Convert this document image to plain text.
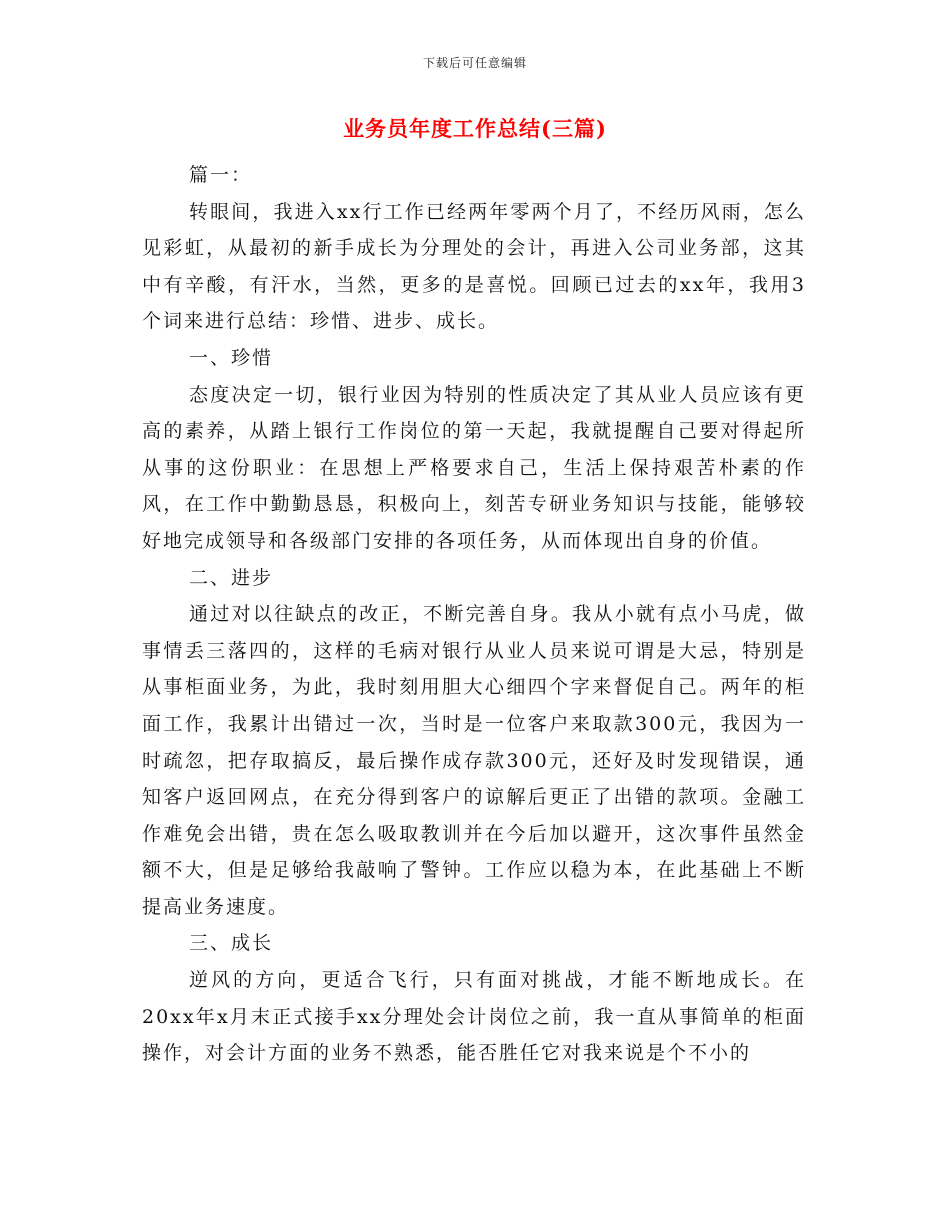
下载后可任意编辑
业务员年度工作总结(三篇)

篇一：

转眼间，我进入xx行工作已经两年零两个月了，不经历风雨，怎么见彩虹，从最初的新手成长为分理处的会计，再进入公司业务部，这其中有辛酸，有汗水，当然，更多的是喜悦。回顾已过去的xx年，我用3个词来进行总结：珍惜、进步、成长。

一、珍惜

态度决定一切，银行业因为特别的性质决定了其从业人员应该有更高的素养，从踏上银行工作岗位的第一天起，我就提醒自己要对得起所从事的这份职业：在思想上严格要求自己，生活上保持艰苦朴素的作风，在工作中勤勤恳恳，积极向上，刻苦专研业务知识与技能，能够较好地完成领导和各级部门安排的各项任务，从而体现出自身的价值。

二、进步

通过对以往缺点的改正，不断完善自身。我从小就有点小马虎，做事情丢三落四的，这样的毛病对银行从业人员来说可谓是大忌，特别是从事柜面业务，为此，我时刻用胆大心细四个字来督促自己。两年的柜面工作，我累计出错过一次，当时是一位客户来取款300元，我因为一时疏忽，把存取搞反，最后操作成存款300元，还好及时发现错误，通知客户返回网点，在充分得到客户的谅解后更正了出错的款项。金融工作难免会出错，贵在怎么吸取教训并在今后加以避开，这次事件虽然金额不大，但是足够给我敲响了警钟。工作应以稳为本，在此基础上不断提高业务速度。

三、成长

逆风的方向，更适合飞行，只有面对挑战，才能不断地成长。在20xx年x月末正式接手xx分理处会计岗位之前，我一直从事简单的柜面操作，对会计方面的业务不熟悉，能否胜任它对我来说是个不小的
